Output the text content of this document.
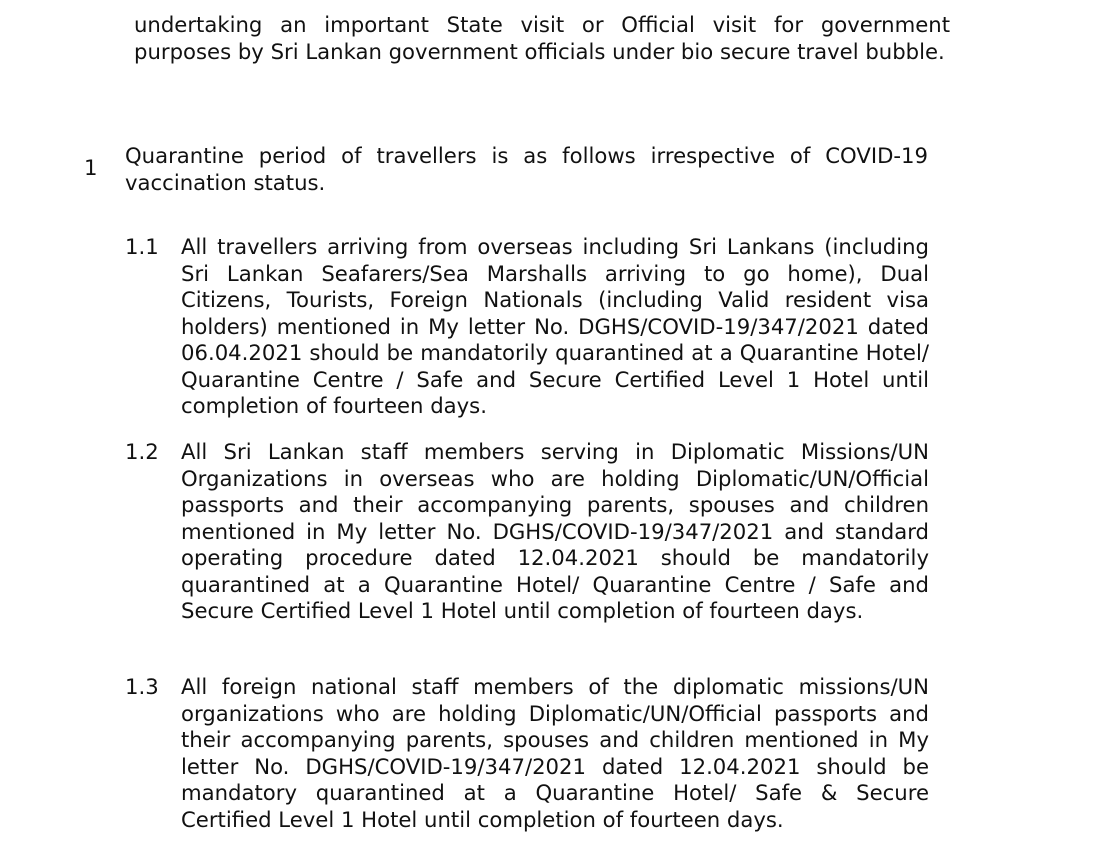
undertaking an important State visit or Official visit for government purposes by Sri Lankan government officials under bio secure travel bubble.

1 Quarantine period of travellers is as follows irrespective of COVID-19 vaccination status.

1.1	All travellers arriving from overseas including Sri Lankans (including Sri Lankan Seafarers/Sea Marshalls arriving to go home), Dual Citizens, Tourists, Foreign Nationals (including Valid resident visa holders) mentioned in My letter No. DGHS/COVID-19/347/2021 dated 06.04.2021 should be mandatorily quarantined at a Quarantine Hotel/ Quarantine Centre / Safe and Secure Certified Level 1 Hotel until completion of fourteen days.

1.2	All Sri Lankan staff members serving in Diplomatic Missions/UN Organizations in overseas who are holding Diplomatic/UN/Official passports and their accompanying parents, spouses and children mentioned in My letter No. DGHS/COVID-19/347/2021 and standard operating procedure dated 12.04.2021 should be mandatorily quarantined at a Quarantine Hotel/ Quarantine Centre / Safe and Secure Certified Level 1 Hotel until completion of fourteen days.

1.3	All foreign national staff members of the diplomatic missions/UN organizations who are holding Diplomatic/UN/Official passports and their accompanying parents, spouses and children mentioned in My letter No. DGHS/COVID-19/347/2021 dated 12.04.2021 should be mandatory quarantined at a Quarantine Hotel/ Safe & Secure Certified Level 1 Hotel until completion of fourteen days.
